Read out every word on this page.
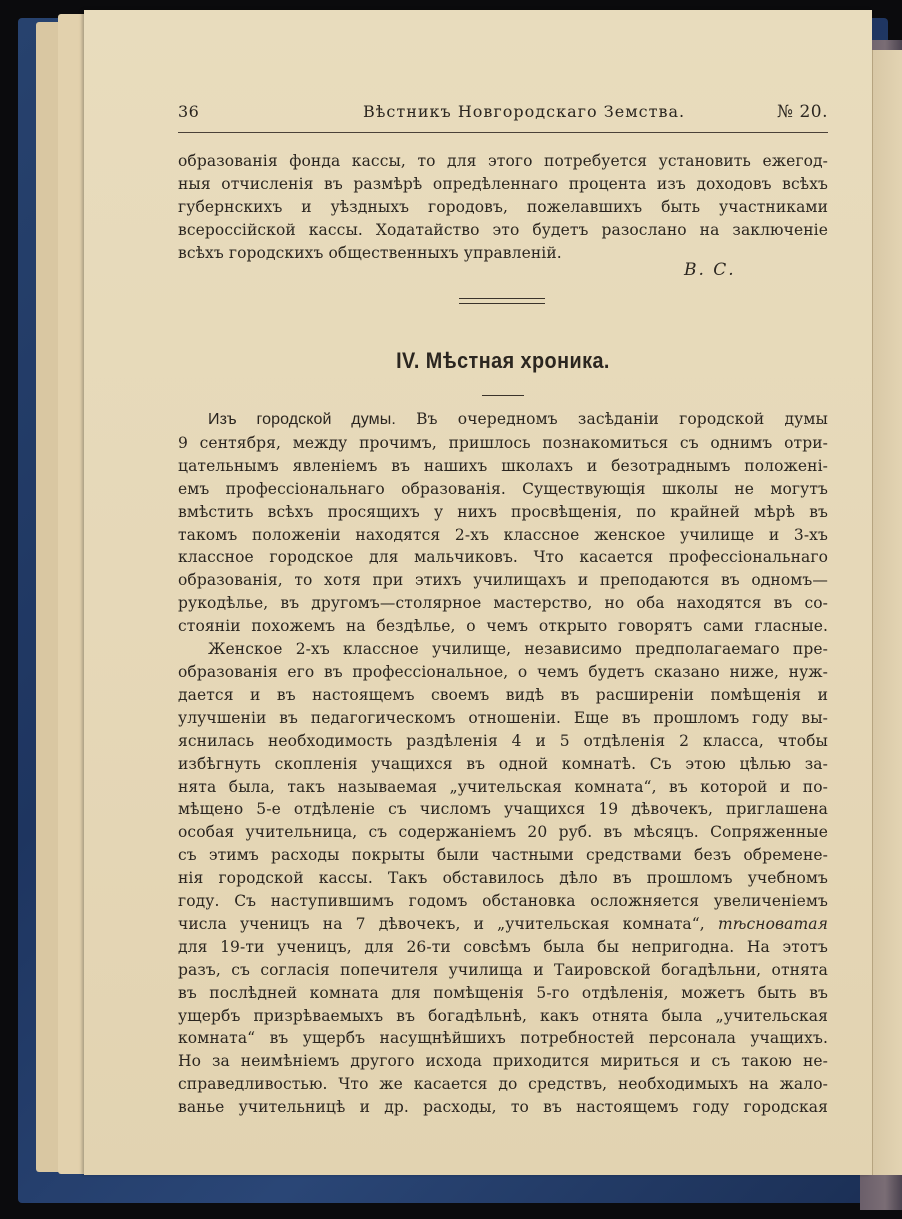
36	Вѣстникъ Новгородскаго Земства.	№ 20.
образованія фонда кассы, то для этого потребуется установить ежегод-
ныя отчисленія въ размѣрѣ опредѣленнаго процента изъ доходовъ всѣхъ
губернскихъ и уѣздныхъ городовъ, пожелавшихъ быть участниками
всероссійской кассы. Ходатайство это будетъ разослано на заключеніе
всѣхъ городскихъ общественныхъ управленій.
В. С.
IV. Мѣстная хроника.
Изъ городской думы. Въ очередномъ засѣданіи городской думы
9 сентября, между прочимъ, пришлось познакомиться съ однимъ отри-
цательнымъ явленіемъ въ нашихъ школахъ и безотраднымъ положені-
емъ профессіональнаго образованія. Существующія школы не могутъ
вмѣстить всѣхъ просящихъ у нихъ просвѣщенія, по крайней мѣрѣ въ
такомъ положеніи находятся 2-хъ классное женское училище и 3-хъ
классное городское для мальчиковъ. Что касается профессіональнаго
образованія, то хотя при этихъ училищахъ и преподаются въ одномъ—
рукодѣлье, въ другомъ—столярное мастерство, но оба находятся въ со-
стояніи похожемъ на бездѣлье, о чемъ открыто говорятъ сами гласные.
Женское 2-хъ классное училище, независимо предполагаемаго пре-
образованія его въ профессіональное, о чемъ будетъ сказано ниже, нуж-
дается и въ настоящемъ своемъ видѣ въ расширеніи помѣщенія и
улучшеніи въ педагогическомъ отношеніи. Еще въ прошломъ году вы-
яснилась необходимость раздѣленія 4 и 5 отдѣленія 2 класса, чтобы
избѣгнуть скопленія учащихся въ одной комнатѣ. Съ этою цѣлью за-
нята была, такъ называемая „учительская комната“, въ которой и по-
мѣщено 5-е отдѣленіе съ числомъ учащихся 19 дѣвочекъ, приглашена
особая учительница, съ содержаніемъ 20 руб. въ мѣсяцъ. Сопряженные
съ этимъ расходы покрыты были частными средствами безъ обремене-
нія городской кассы. Такъ обставилось дѣло въ прошломъ учебномъ
году. Съ наступившимъ годомъ обстановка осложняется увеличеніемъ
числа ученицъ на 7 дѣвочекъ, и „учительская комната“, тѣсноватая
для 19-ти ученицъ, для 26-ти совсѣмъ была бы непригодна. На этотъ
разъ, съ согласія попечителя училища и Таировской богадѣльни, отнята
въ послѣдней комната для помѣщенія 5-го отдѣленія, можетъ быть въ
ущербъ призрѣваемыхъ въ богадѣльнѣ, какъ отнята была „учительская
комната“ въ ущербъ насущнѣйшихъ потребностей персонала учащихъ.
Но за неимѣніемъ другого исхода приходится мириться и съ такою не-
справедливостью. Что же касается до средствъ, необходимыхъ на жало-
ванье учительницѣ и др. расходы, то въ настоящемъ году городская
